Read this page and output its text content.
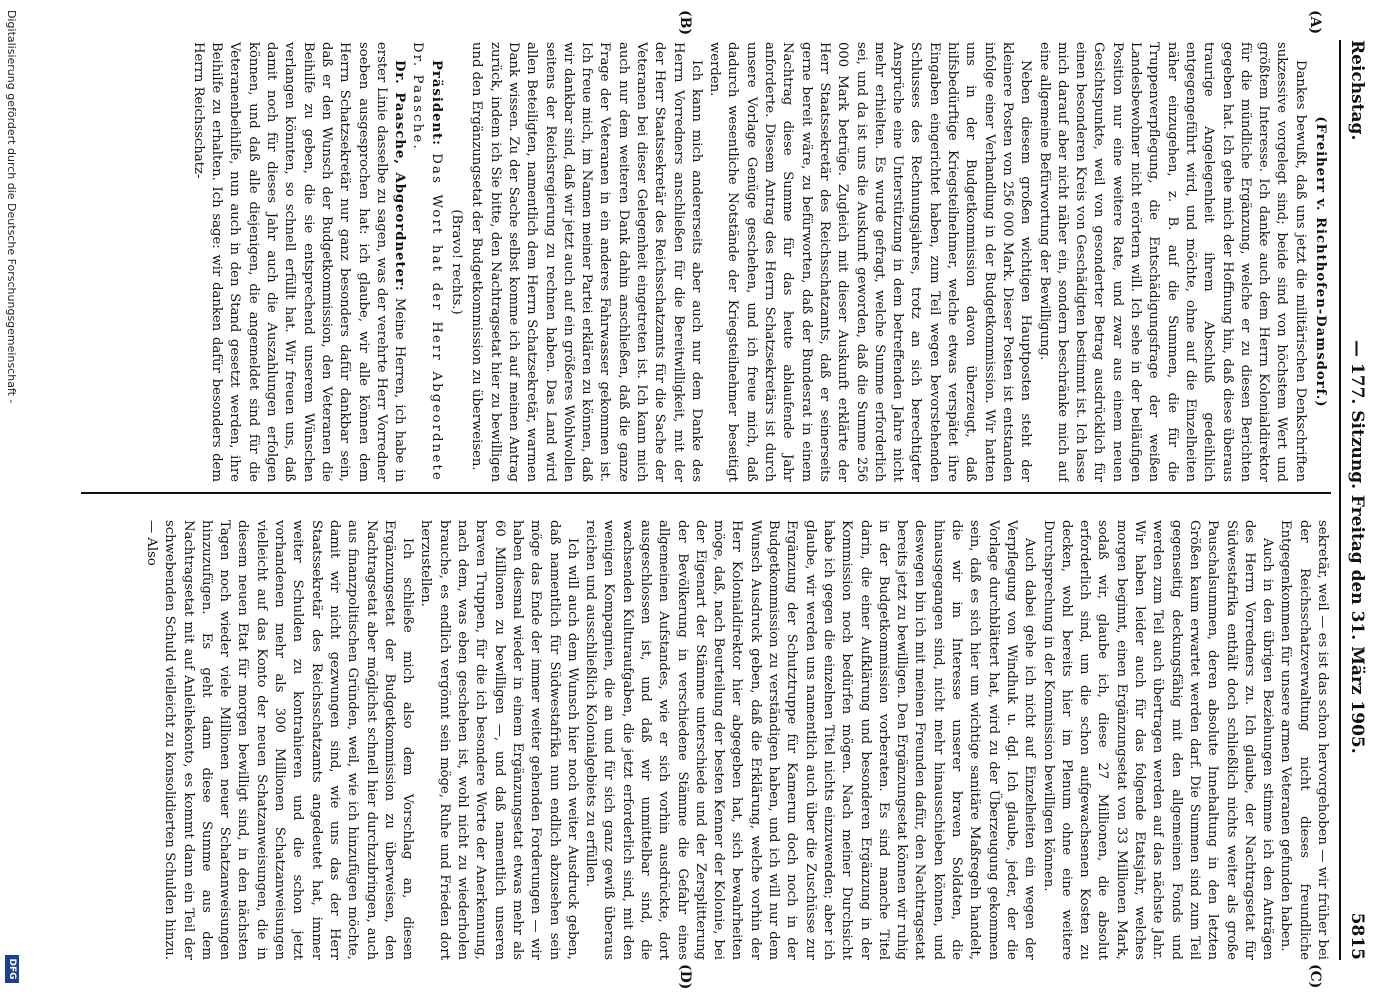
Reichstag.
— 177. Sitzung. Freitag den 31. März 1905.
5815
(A)
(B)
(C)
(D)

(Freiherr v. Richthofen-Damsdorf.)

Dankes bewußt, daß uns jetzt die militärischen Denkschriften sukzessive vorgelegt sind; beide sind von höchstem Wert und größtem Interesse. Ich danke auch dem Herrn Kolonialdirektor für die mündliche Ergänzung, welche er zu diesen Berichten gegeben hat. Ich gehe mich der Hoffnung hin, daß diese überaus traurige Angelegenheit ihrem Abschluß gedeihlich entgegengeführt wird, und möchte, ohne auf die Einzelheiten näher einzugehen, z. B. auf die Summen, die für die Truppenverpflegung, die Entschädigungsfrage der weißen Landesbewohner nicht erörtern will. Ich sehe in der beiläufigen Position nur eine weitere Rate, und zwar aus einem neuen Gesichtspunkte, weil von gesonderter Betrag ausdrücklich für einen besonderen Kreis von Geschädigten bestimmt ist. Ich lasse mich darauf aber nicht näher ein, sondern beschränke mich auf eine allgemeine Befürwortung der Bewilligung.

Neben diesem großen wichtigen Hauptposten steht der kleinere Posten von 256 000 Mark. Dieser Posten ist entstanden infolge einer Verhandlung in der Budgetkommission. Wir hatten uns in der Budgetkommission davon überzeugt, daß hilfsbedürftige Kriegsteilnehmer, welche etwas verspätet ihre Eingaben eingerichtet haben, zum Teil wegen bevorstehenden Schlusses des Rechnungsjahres, trotz an sich berechtigter Ansprüche eine Unterstützung in dem betreffenden Jahre nicht mehr erhielten. Es wurde gefragt, welche Summe erforderlich sei, und da ist uns die Auskunft geworden, daß die Summe 256 000 Mark betrüge. Zugleich mit dieser Auskunft erklärte der Herr Staatssekretär des Reichsschatzamts, daß er seinerseits gerne bereit wäre, zu befürworten, daß der Bundesrat in einem Nachtrag diese Summe für das heute ablaufende Jahr anforderte. Diesem Antrag des Herrn Schatzsekretärs ist durch unsere Vorlage Genüge geschehen, und ich freue mich, daß dadurch wesentliche Notstände der Kriegsteilnehmer beseitigt werden.

Ich kann mich andererseits aber auch nur dem Danke des Herrn Vorredners anschließen für die Bereitwilligkeit, mit der der Herr Staatssekretär des Reichsschatzamts für die Sache der Veteranen bei dieser Gelegenheit eingetreten ist. Ich kann mich auch nur dem weiteren Dank dahin anschließen, daß die ganze Frage der Veteranen in ein anderes Fahrwasser gekommen ist. Ich freue mich, im Namen meiner Partei erklären zu können, daß wir dankbar sind, daß wir jetzt auch auf ein größeres Wohlwollen seitens der Reichsregierung zu rechnen haben. Das Land wird allen Beteiligten, namentlich dem Herrn Schatzsekretär, warmen Dank wissen. Zu der Sache selbst komme ich auf meinen Antrag zurück, indem ich Sie bitte, den Nachtragsetat hier zu bewilligen und den Ergänzungsetat der Budgetkommission zu überweisen.

(Bravo! rechts.)

Präsident: Das Wort hat der Herr Abgeordnete Dr. Paasche.

Dr. Paasche, Abgeordneter: Meine Herren, ich habe in erster Linie dasselbe zu sagen, was der verehrte Herr Vorredner soeben ausgesprochen hat: ich glaube, wir alle können dem Herrn Schatzsekretär nur ganz besonders dafür dankbar sein, daß er den Wunsch der Budgetkommission, den Veteranen die Beihilfe zu geben, die sie entsprechend unserem Wünschen verlangen könnten, so schnell erfüllt hat. Wir freuen uns, daß damit noch für dieses Jahr auch die Auszahlungen erfolgen können, und daß alle diejenigen, die angemeldet sind für die Veteranenbeihilfe, nun auch in den Stand gesetzt werden, ihre Beihilfe zu erhalten. Ich sage: wir danken dafür besonders dem Herrn Reichsschatz-

sekretär, weil — es ist das schon hervorgehoben — wir früher bei der Reichsschatzverwaltung nicht dieses freundliche Entgegenkommen für unsere armen Veteranen gefunden haben.

Auch in den übrigen Beziehungen stimme ich den Anträgen des Herrn Vorredners zu. Ich glaube, der Nachtragsetat für Südwestafrika enthält doch schließlich nichts weiter als große Pauschalsummen, deren absolute Innehaltung in den letzten Größen kaum erwartet werden darf. Die Summen sind zum Teil gegenseitig deckungsfähig mit den allgemeinen Fonds und werden zum Teil auch übertragen werden auf das nächste Jahr. Wir haben leider auch für das folgende Etatsjahr, welches morgen beginnt, einen Ergänzungsetat von 33 Millionen Mark, sodaß wir, glaube ich, diese 27 Millionen, die absolut erforderlich sind, um die schon aufgewachsenen Kosten zu decken, wohl bereits hier im Plenum ohne eine weitere Durchsprechung in der Kommission bewilligen können.

Auch dabei gehe ich nicht auf Einzelheiten ein wegen der Verpflegung von Windhuk u. dgl. Ich glaube, jeder, der die Vorlage durchblättert hat, wird zu der Überzeugung gekommen sein, daß es sich hier um wichtige sanitäre Maßregeln handelt, die wir im Interesse unserer braven Soldaten, die hinausgegangen sind, nicht mehr hinausschieben können, und deswegen bin ich mit meinen Freunden dafür, den Nachtragsetat bereits jetzt zu bewilligen. Den Ergänzungsetat können wir ruhig in der Budgetkommission vorberaten. Es sind manche Titel darin, die einer Aufklärung und besonderen Ergänzung in der Kommission noch bedürfen mögen. Nach meiner Durchsicht habe ich gegen die einzelnen Titel nichts einzuwenden; aber ich glaube, wir werden uns namentlich auch über die Zuschüsse zur Ergänzung der Schutztruppe für Kamerun doch noch in der Budgetkommission zu verständigen haben, und ich will nur dem Wunsch Ausdruck geben, daß die Erklärung, welche vorhin der Herr Kolonialdirektor hier abgegeben hat, sich bewahrheiten möge, daß, nach Beurteilung der besten Kenner der Kolonie, bei der Eigenart der Stämme unterschiede und der Zersplitterung der Bevölkerung in verschiedene Stämme die Gefahr eines allgemeinen Aufstandes, wie er sich vorhin ausdrückte, dort ausgeschlossen ist, und daß wir unmittelbar sind, die wachsenden Kulturaufgaben, die jetzt erforderlich sind, mit den wenigen Kompagnien, die an und für sich ganz gewiß überaus reichen und ausschließlich Kolonialgebiets zu erfüllen.

Ich will auch dem Wunsch hier noch weiter Ausdruck geben, daß namentlich für Südwestafrika nun endlich abzusehen sein möge das Ende der immer weiter gehenden Forderungen — wir haben diesmal wieder in einem Ergänzungsetat etwas mehr als 60 Millionen zu bewilligen —, und daß namentlich unseren braven Truppen, für die ich besondere Worte der Anerkennung, nach dem, was eben geschehen ist, wohl nicht zu wiederholen brauche, es endlich vergönnt sein möge, Ruhe und Frieden dort herzustellen.

Ich schließe mich also dem Vorschlag an, diesen Ergänzungsetat der Budgetkommission zu überweisen, den Nachtragsetat aber möglichst schnell hier durchzubringen, auch aus finanzpolitischen Gründen, weil, wie ich hinzufügen möchte, damit wir nicht gezwungen sind, wie uns das der Herr Staatssekretär des Reichsschatzamts angedeutet hat, immer weiter Schulden zu kontrahieren und die schon jetzt vorhandenen mehr als 300 Millionen Schatzanweisungen vielleicht auf das Konto der neuen Schatzanweisungen, die in diesem neuen Etat für morgen bewilligt sind, in den nächsten Tagen noch wieder viele Millionen neuer Schatzanweisungen hinzuzufügen. Es geht dann diese Summe aus dem Nachtragsetat mit auf Anleihekonto, es kommt dann ein Teil der schwebenden Schuld vielleicht zu konsolidierten Schulden hinzu. — Also

Digitalisierung gefördert durch die Deutsche Forschungsgemeinschaft -
DFG
